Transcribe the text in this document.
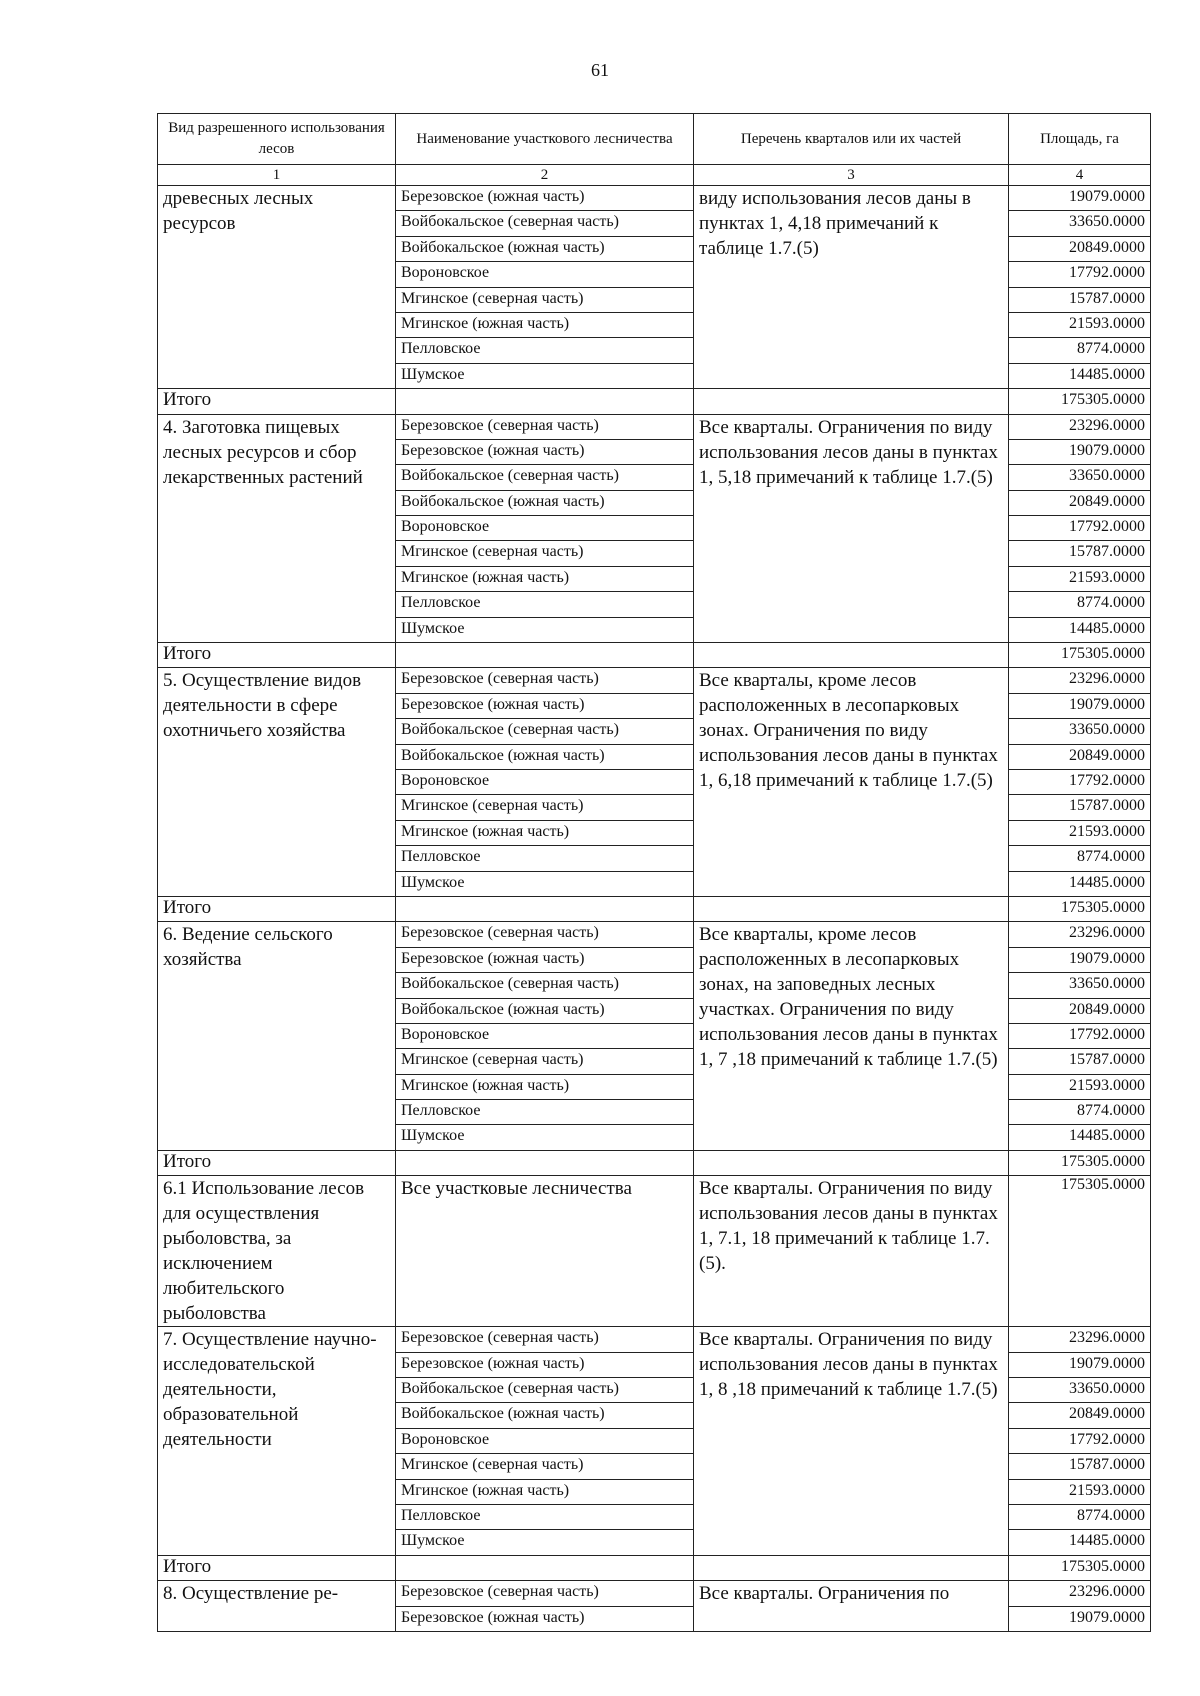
61
Вид разрешенного использования лесов	Наименование участкового лесничества	Перечень кварталов или их частей	Площадь, га
1	2	3	4
древесных лесных ресурсов	Березовское (южная часть)	виду использования лесов даны в пунктах 1, 4,18 примечаний к таблице 1.7.(5)	19079.0000
	Войбокальское (северная часть)		33650.0000
	Войбокальское (южная часть)		20849.0000
	Вороновское		17792.0000
	Мгинское (северная часть)		15787.0000
	Мгинское (южная часть)		21593.0000
	Пелловское		8774.0000
	Шумское		14485.0000
Итого			175305.0000
4. Заготовка пищевых лесных ресурсов и сбор лекарственных растений	Березовское (северная часть)	Все кварталы. Ограничения по виду использования лесов даны в пунктах 1, 5,18 примечаний к таблице 1.7.(5)	23296.0000
	Березовское (южная часть)		19079.0000
	Войбокальское (северная часть)		33650.0000
	Войбокальское (южная часть)		20849.0000
	Вороновское		17792.0000
	Мгинское (северная часть)		15787.0000
	Мгинское (южная часть)		21593.0000
	Пелловское		8774.0000
	Шумское		14485.0000
Итого			175305.0000
5. Осуществление видов деятельности в сфере охотничьего хозяйства	Березовское (северная часть)	Все кварталы, кроме лесов расположенных в лесопарковых зонах. Ограничения по виду использования лесов даны в пунктах 1, 6,18 примечаний к таблице 1.7.(5)	23296.0000
	Березовское (южная часть)		19079.0000
	Войбокальское (северная часть)		33650.0000
	Войбокальское (южная часть)		20849.0000
	Вороновское		17792.0000
	Мгинское (северная часть)		15787.0000
	Мгинское (южная часть)		21593.0000
	Пелловское		8774.0000
	Шумское		14485.0000
Итого			175305.0000
6. Ведение сельского хозяйства	Березовское (северная часть)	Все кварталы, кроме лесов расположенных в лесопарковых зонах, на заповедных лесных участках. Ограничения по виду использования лесов даны в пунктах 1, 7 ,18 примечаний к таблице 1.7.(5)	23296.0000
	Березовское (южная часть)		19079.0000
	Войбокальское (северная часть)		33650.0000
	Войбокальское (южная часть)		20849.0000
	Вороновское		17792.0000
	Мгинское (северная часть)		15787.0000
	Мгинское (южная часть)		21593.0000
	Пелловское		8774.0000
	Шумское		14485.0000
Итого			175305.0000
6.1 Использование лесов для осуществления рыболовства, за исключением любительского рыболовства	Все участковые лесничества	Все кварталы. Ограничения по виду использования лесов даны в пунктах 1, 7.1, 18 примечаний к таблице 1.7.(5).	175305.0000
7. Осуществление научно-исследовательской деятельности, образовательной деятельности	Березовское (северная часть)	Все кварталы. Ограничения по виду использования лесов даны в пунктах 1, 8 ,18 примечаний к таблице 1.7.(5)	23296.0000
	Березовское (южная часть)		19079.0000
	Войбокальское (северная часть)		33650.0000
	Войбокальское (южная часть)		20849.0000
	Вороновское		17792.0000
	Мгинское (северная часть)		15787.0000
	Мгинское (южная часть)		21593.0000
	Пелловское		8774.0000
	Шумское		14485.0000
Итого			175305.0000
8. Осуществление ре-	Березовское (северная часть)	Все кварталы. Ограничения по	23296.0000
	Березовское (южная часть)		19079.0000
